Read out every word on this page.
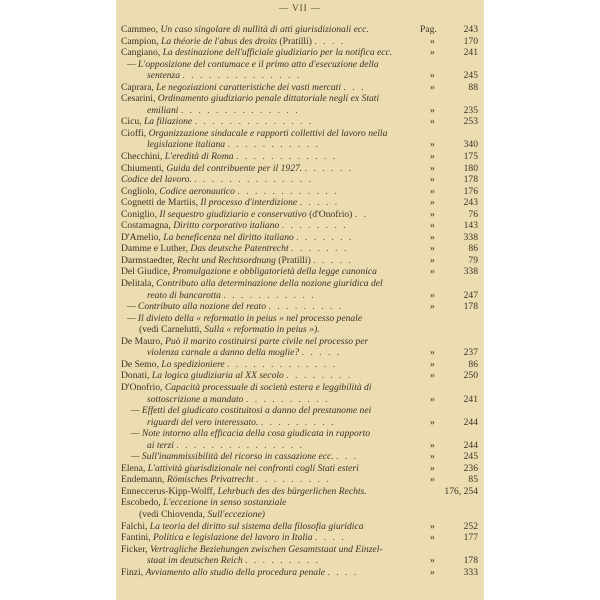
— VII —
Cammeo, Un caso singolare di nullità di atti giurisdizionali ecc.	Pag.	243
Campion, La théorie de l'abus des droits (Pratilli) . . . .	»	170
Cangiano, La destinazione dell'ufficiale giudiziario per la notifica ecc.	»	241
— L'opposizione del contumace e il primo atto d'esecuzione della
sentenza . . . . . . . . . . . . . .	»	245
Caprara, Le negoziazioni caratteristiche dei vasti mercati . . .	»	88
Cesarini, Ordinamento giudiziario penale dittatoriale negli ex Stati
emiliani . . . . . . . . . . . . . .	»	235
Cicu, La filiazione . . . . . . . . . . . . . .	»	253
Cioffi, Organizzazione sindacale e rapporti collettivi del lavoro nella
legislazione italiana . . . . . . . . . . .	»	340
Checchini, L'eredità di Roma . . . . . . . . . . . .	»	175
Chiumenti, Guida del contribuente per il 1927. . . . . . .	»	180
Codice del lavoro. . . . . . . . . . . . . . .	»	178
Cogliolo, Codice aeronautico . . . . . . . . . . . .	»	176
Cognetti de Martiis, Il processo d'interdizione . . . . .	»	243
Coniglio, Il sequestro giudiziario e conservativo (d'Onofrio) . .	»	76
Costamagna, Diritto corporativo italiano . . . . . . . .	»	143
D'Amelio, La beneficenza nel diritto italiano . . . . . . .	»	338
Damme e Luther, Das deutsche Patentrecht . . . . . . .	»	86
Darmstaedter, Recht und Rechtsordnung (Pratilli) . . . . .	»	79
Del Giudice, Promulgazione e obbligatorietà della legge canonica	»	338
Delitala, Contributo alla determinazione della nozione giuridica del
reato di bancarotta . . . . . . . . . . .	»	247
— Contributo alla nozione del reato . . . . . . . . .	»	178
— Il divieto della « reformatio in peius » nel processo penale
(vedi Carnelutti, Sulla « reformatio in peius »).
De Mauro, Può il marito costituirsi parte civile nel processo per
violenza carnale a danno della moglie? . . . . .	»	237
De Semo, Lo spedizioniere . . . . . . . . . . . . .	»	86
Donati, La logica giudiziaria al XX secolo . . . . . . . .	»	250
D'Onofrio, Capacità processuale di società estera e leggibilità di
sottoscrizione a mandato . . . . . . . . . .	»	241
— Effetti del giudicato costituitosi a danno del prestanome nei
riguardi del vero interessato. . . . . . . . . .	»	244
— Note intorno alla efficacia della cosa giudicata in rapporto
ai terzi . . . . . . . . . . . . . . .	»	244
— Sull'inammissibilità del ricorso in cassazione ecc. . . .	»	245
Elena, L'attività giurisdizionale nei confronti cogli Stati esteri	»	236
Endemann, Römisches Privatrecht . . . . . . . . .	»	85
Enneccerus-Kipp-Wolff, Lehrbuch des des bürgerlichen Rechts.	176, 254
Escobedo, L'eccezione in senso sostanziale
(vedi Chiovenda, Sull'eccezione)
Falchi, La teoria del diritto sul sistema della filosofia giuridica	»	252
Fantini, Politica e legislazione del lavoro in Italia . . . .	»	177
Ficker, Vertragliche Beziehungen zwischen Gesamtstaat und Einzel-
staat im deutschen Reich . . . . . . . . .	»	178
Finzi, Avviamento allo studio della procedura penale . . . .	»	333
